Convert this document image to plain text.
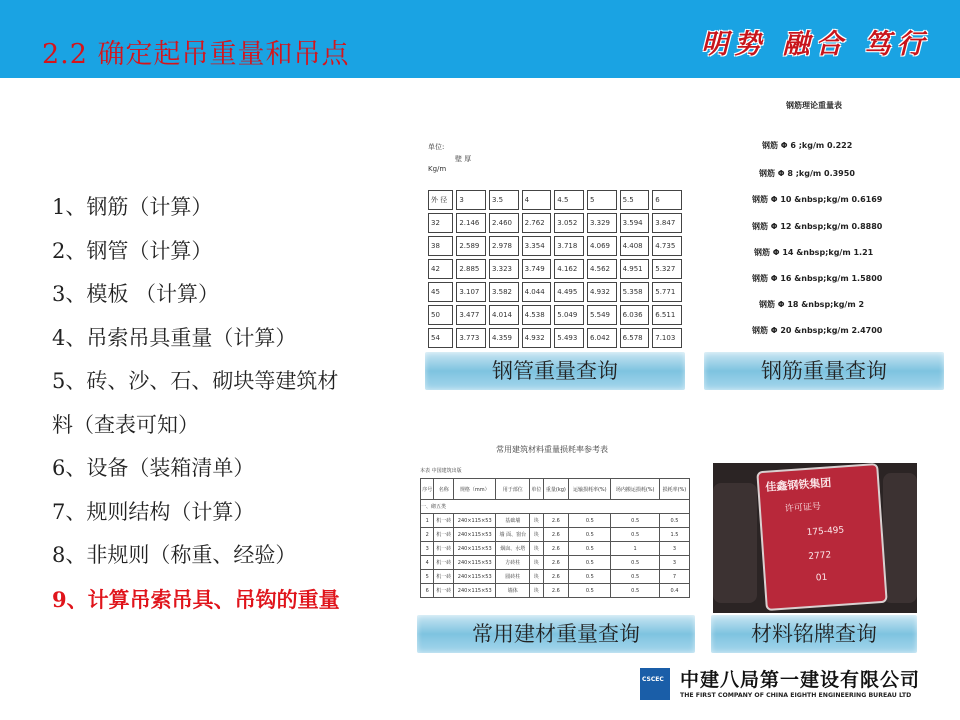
2.2 确定起吊重量和吊点	明势 融合 笃行
1、钢筋（计算）
2、钢管（计算）
3、模板 （计算）
4、吊索吊具重量（计算）
5、砖、沙、石、砌块等建筑材
料（查表可知）
6、设备（装箱清单）
7、规则结构（计算）
8、非规则（称重、经验）
9、计算吊索吊具、吊钩的重量
单位:
壁 厚
Kg/m
外 径	3	3.5	4	4.5	5	5.5	6
32	2.146	2.460	2.762	3.052	3.329	3.594	3.847
38	2.589	2.978	3.354	3.718	4.069	4.408	4.735
42	2.885	3.323	3.749	4.162	4.562	4.951	5.327
45	3.107	3.582	4.044	4.495	4.932	5.358	5.771
50	3.477	4.014	4.538	5.049	5.549	6.036	6.511
54	3.773	4.359	4.932	5.493	6.042	6.578	7.103
钢管重量查询
钢筋理论重量表
钢筋 Φ 6 ;kg/m 0.222
钢筋 Φ 8 ;kg/m 0.3950
钢筋 Φ 10 &nbsp;kg/m 0.6169
钢筋 Φ 12 &nbsp;kg/m 0.8880
钢筋 Φ 14 &nbsp;kg/m 1.21
钢筋 Φ 16 &nbsp;kg/m 1.5800
钢筋 Φ 18 &nbsp;kg/m 2
钢筋 Φ 20 &nbsp;kg/m 2.4700
钢筋重量查询
常用建筑材料重量损耗率参考表
本表 中国建筑出版
序号	名称	规格（mm）	用于部位	单位	重量(kg)	运输损耗率(%)	场内搬运损耗(%)	损耗率(%)
一、砌五类								
1	机一砖	240×115×53	基础墙	块	2.6	0.5	0.5	0.5
2	机一砖	240×115×53	墙 面、窗台	块	2.6	0.5	0.5	1.5
3	机一砖	240×115×53	烟囱、水塔	块	2.6	0.5	1	3
4	机一砖	240×115×53	方砖柱	块	2.6	0.5	0.5	3
5	机一砖	240×115×53	圆砖柱	块	2.6	0.5	0.5	7
6	机一砖	240×115×53	墙体	块	2.6	0.5	0.5	0.4
常用建材重量查询
佳鑫钢铁集团
许可证号
175-495
2772
01
材料铭牌查询
CSCEC 中建八局第一建设有限公司
THE FIRST COMPANY OF CHINA EIGHTH ENGINEERING BUREAU LTD
